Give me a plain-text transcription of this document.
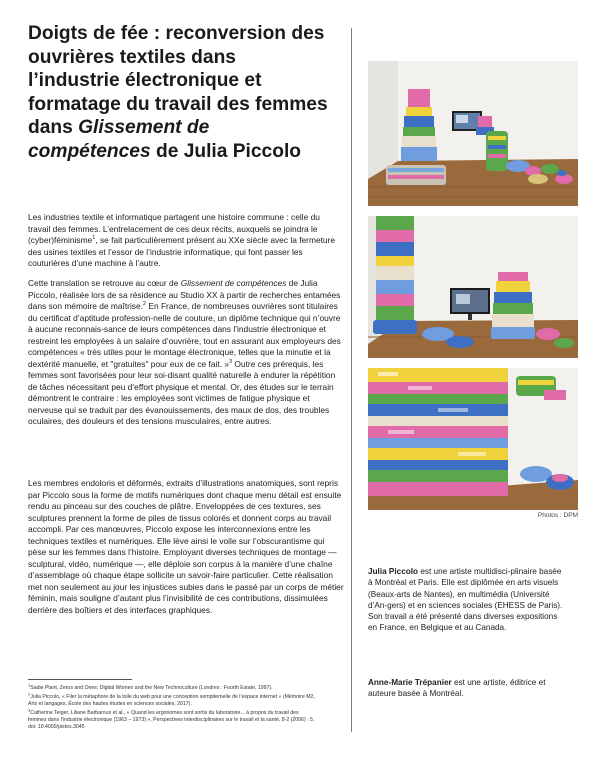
Doigts de fée : reconversion des ouvrières textiles dans l’industrie électronique et formatage du travail des femmes dans Glissement de compétences de Julia Piccolo

Les industries textile et informatique partagent une histoire commune : celle du travail des femmes. L’entrelacement de ces deux récits, auxquels se joindra le (cyber)féminisme$^1$, se fait particulièrement présent au XXe siècle avec la fermeture des usines textiles et l’essor de l’industrie informatique, qui font passer les couturières d’une machine à l’autre.

Cette translation se retrouve au cœur de Glissement de compétences de Julia Piccolo, réalisée lors de sa résidence au Studio XX à partir de recherches entamées dans son mémoire de maîtrise.$^2$ En France, de nombreuses ouvrières sont titulaires du certificat d’aptitude profession-nelle de couture, un diplôme technique qui n’ouvre à aucune reconnais-sance de leurs compétences dans l’industrie électronique et restreint les employées à un salaire d’ouvrière, tout en assurant aux employeurs des compétences « très utiles pour le montage électronique, telles que la minutie et la dextérité manuelle, et "gratuites" pour eux de ce fait. »$^3$ Outre ces prérequis, les femmes sont favorisées pour leur soi-disant qualité naturelle à endurer la répétition de tâches nécessitant peu d’effort physique et mental. Or, des études sur le terrain démontrent le contraire : les employées sont victimes de fatigue physique et nerveuse qui se traduit par des évanouissements, des maux de dos, des troubles oculaires, des douleurs et des tensions musculaires, entre autres.

Les membres endoloris et déformés, extraits d’illustrations anatomiques, sont repris par Piccolo sous la forme de motifs numériques dont chaque menu détail est ensuite rendu au pinceau sur des couches de plâtre. Enveloppées de ces textures, ses sculptures prennent la forme de piles de tissus colorés et donnent corps au travail accompli. Par ces manœuvres, Piccolo expose les interconnexions entre les techniques textiles et numériques. Elle lève ainsi le voile sur l’obscurantisme qui pèse sur les femmes dans l’histoire. Employant diverses techniques de montage — sculptural, vidéo, numérique —, elle déploie son corpus à la manière d’une chaîne d’assemblage où chaque étape sollicite un savoir-faire particulier. Cette réalisation met non seulement au jour les injustices subies dans le passé par un corps de métier féminin, mais souligne d’autant plus l’invisibilité de ces contributions, dissimulées derrière des boîtiers et des interfaces graphiques.

Photos : DPM

Julia Piccolo est une artiste multidisci-plinaire basée à Montréal et Paris. Elle est diplômée en arts visuels (Beaux-arts de Nantes), en multimédia (Université d’An-gers) et en sciences sociales (EHESS de Paris). Son travail a été présenté dans diverses expositions en France, en Belgique et au Canada.

Anne-Marie Trépanier est une artiste, éditrice et auteure basée à Montréal.

$^1$Sadie Plant, Zeros and Ones: Digital Women and the New Technoculture (Londres : Fourth Estate, 1997).

$^2$Julia Piccolo, « Filer la métaphore de la toile du web pour une conception sempiternelle de l’espace internet » (Mémoire M2, Arts et langages, École des hautes études en sciences sociales, 2017).

$^3$Catherine Teiger, Liliane Barbaroux et al., « Quand les ergonomes sont sortis du laboratoire... à propos du travail des femmes dans l’industrie électronique (1963 – 1973) », Perspectives interdisciplinaires sur le travail et la santé, 8-2 (2006) : 5. doi: 10.4000/pistes.3045
